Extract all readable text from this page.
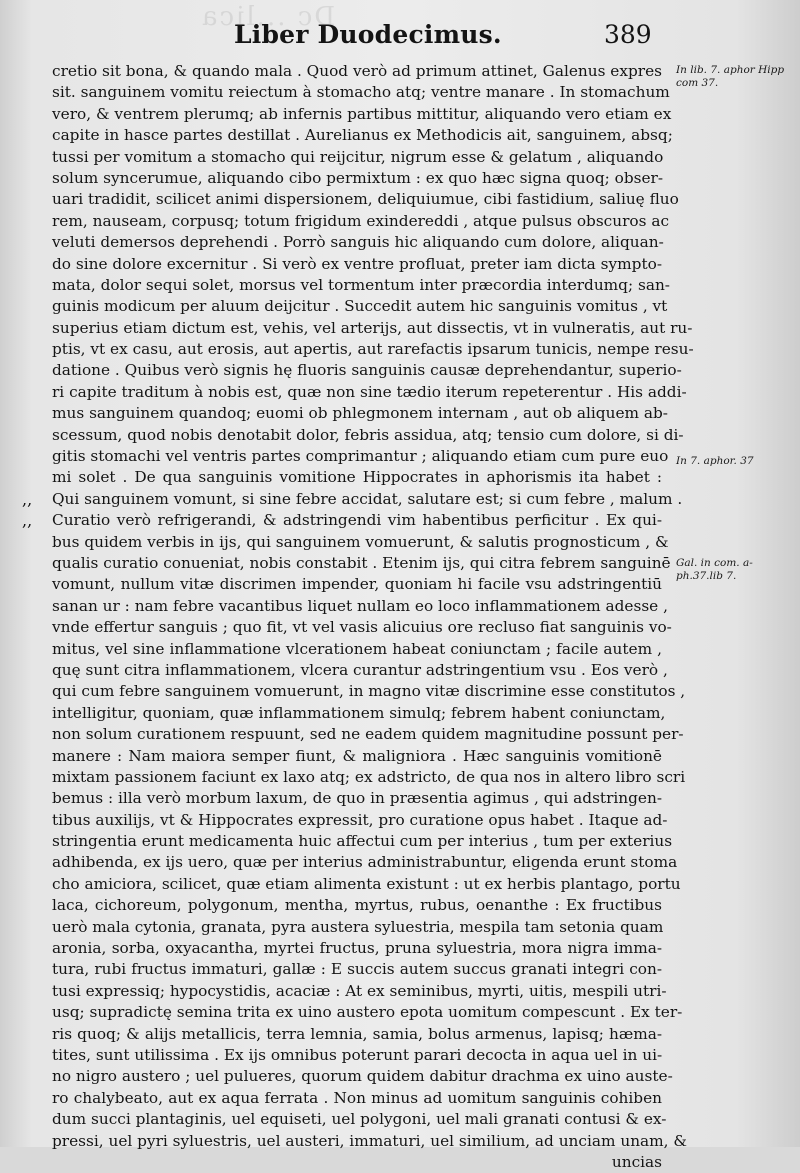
Dc ...lica
Liber Duodecimus.	389
cretio sit bona, & quando mala . Quod verò ad primum attinet, Galenus expres
sit. sanguinem vomitu reiectum à stomacho atq; ventre manare . In stomachum
vero, & ventrem plerumq; ab infernis partibus mittitur, aliquando vero etiam ex
capite in hasce partes destillat . Aurelianus ex Methodicis ait, sanguinem, absq;
tussi per vomitum a stomacho qui reijcitur, nigrum esse & gelatum , aliquando
solum syncerumue, aliquando cibo permixtum : ex quo hæc signa quoq; obser-
uari tradidit, scilicet animi dispersionem, deliquiumue, cibi fastidium, saliuę fluo
rem, nauseam, corpusq; totum frigidum exindereddi , atque pulsus obscuros ac
veluti demersos deprehendi . Porrò sanguis hic aliquando cum dolore, aliquan-
do sine dolore excernitur . Si verò ex ventre profluat, preter iam dicta sympto-
mata, dolor sequi solet, morsus vel tormentum inter præcordia interdumq; san-
guinis modicum per aluum deijcitur . Succedit autem hic sanguinis vomitus , vt
superius etiam dictum est, vehis, vel arterijs, aut dissectis, vt in vulneratis, aut ru-
ptis, vt ex casu, aut erosis, aut apertis, aut rarefactis ipsarum tunicis, nempe resu-
datione . Quibus verò signis hę fluoris sanguinis causæ deprehendantur, superio-
ri capite traditum à nobis est, quæ non sine tædio iterum repeterentur . His addi-
mus sanguinem quandoq; euomi ob phlegmonem internam , aut ob aliquem ab-
scessum, quod nobis denotabit dolor, febris assidua, atq; tensio cum dolore, si di-
gitis stomachi vel ventris partes comprimantur ; aliquando etiam cum pure euo
mi solet . De qua sanguinis vomitione Hippocrates in aphorismis ita habet :
Qui sanguinem vomunt, si sine febre accidat, salutare est; si cum febre , malum .
,,
Curatio verò refrigerandi, & adstringendi vim habentibus perficitur . Ex qui-
,,
bus quidem verbis in ijs, qui sanguinem vomuerunt, & salutis prognosticum , &
qualis curatio conueniat, nobis constabit . Etenim ijs, qui citra febrem sanguinē
vomunt, nullum vitæ discrimen impender, quoniam hi facile vsu adstringentiū
sanan ur : nam febre vacantibus liquet nullam eo loco inflammationem adesse ,
vnde effertur sanguis ; quo fit, vt vel vasis alicuius ore recluso fiat sanguinis vo-
mitus, vel sine inflammatione vlcerationem habeat coniunctam ; facile autem ,
quę sunt citra inflammationem, vlcera curantur adstringentium vsu . Eos verò ,
qui cum febre sanguinem vomuerunt, in magno vitæ discrimine esse constitutos ,
intelligitur, quoniam, quæ inflammationem simulq; febrem habent coniunctam,
non solum curationem respuunt, sed ne eadem quidem magnitudine possunt per-
manere : Nam maiora semper fiunt, & maligniora . Hæc sanguinis vomitionē
mixtam passionem faciunt ex laxo atq; ex adstricto, de qua nos in altero libro scri
bemus : illa verò morbum laxum, de quo in præsentia agimus , qui adstringen-
tibus auxilijs, vt & Hippocrates expressit, pro curatione opus habet . Itaque ad-
stringentia erunt medicamenta huic affectui cum per interius , tum per exterius
adhibenda, ex ijs uero, quæ per interius administrabuntur, eligenda erunt stoma
cho amiciora, scilicet, quæ etiam alimenta existunt : ut ex herbis plantago, portu
laca, cichoreum, polygonum, mentha, myrtus, rubus, oenanthe : Ex fructibus
uerò mala cytonia, granata, pyra austera syluestria, mespila tam setonia quam
aronia, sorba, oxyacantha, myrtei fructus, pruna syluestria, mora nigra imma-
tura, rubi fructus immaturi, gallæ : E succis autem succus granati integri con-
tusi expressiq; hypocystidis, acaciæ : At ex seminibus, myrti, uitis, mespili utri-
usq; supradictę semina trita ex uino austero epota uomitum compescunt . Ex ter-
ris quoq; & alijs metallicis, terra lemnia, samia, bolus armenus, lapisq; hæma-
tites, sunt utilissima . Ex ijs omnibus poterunt parari decocta in aqua uel in ui-
no nigro austero ; uel pulueres, quorum quidem dabitur drachma ex uino auste-
ro chalybeato, aut ex aqua ferrata . Non minus ad uomitum sanguinis cohiben
dum succi plantaginis, uel equiseti, uel polygoni, uel mali granati contusi & ex-
pressi, uel pyri syluestris, uel austeri, immaturi, uel similium, ad unciam unam, &
uncias
In lib. 7. aphor Hipp com 37.
In 7. aphor. 37
Gal. in com. a- ph.37.lib 7.
